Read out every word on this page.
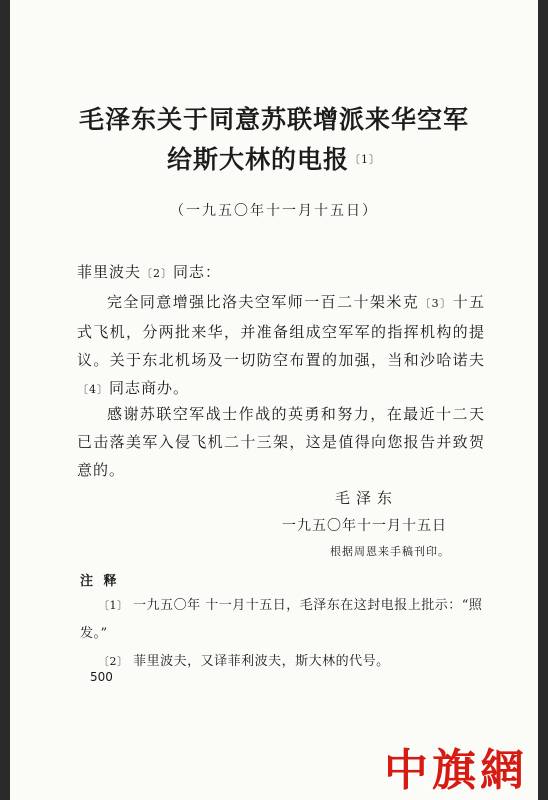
毛泽东关于同意苏联增派来华空军
给斯大林的电报$^{〔1〕}$
（一九五〇年十一月十五日）
菲里波夫〔2〕同志：
完全同意增强比洛夫空军师一百二十架米克〔3〕十五式飞机，分两批来华，并准备组成空军军的指挥机构的提议。关于东北机场及一切防空布置的加强，当和沙哈诺夫〔4〕同志商办。
感谢苏联空军战士作战的英勇和努力，在最近十二天已击落美军入侵飞机二十三架，这是值得向您报告并致贺意的。
毛泽东
一九五〇年十一月十五日
根据周恩来手稿刊印。
注 释
〔1〕 一九五〇年 十一月十五日，毛泽东在这封电报上批示：“照发。”
〔2〕 菲里波夫，又译菲利波夫，斯大林的代号。
500
中旗網
